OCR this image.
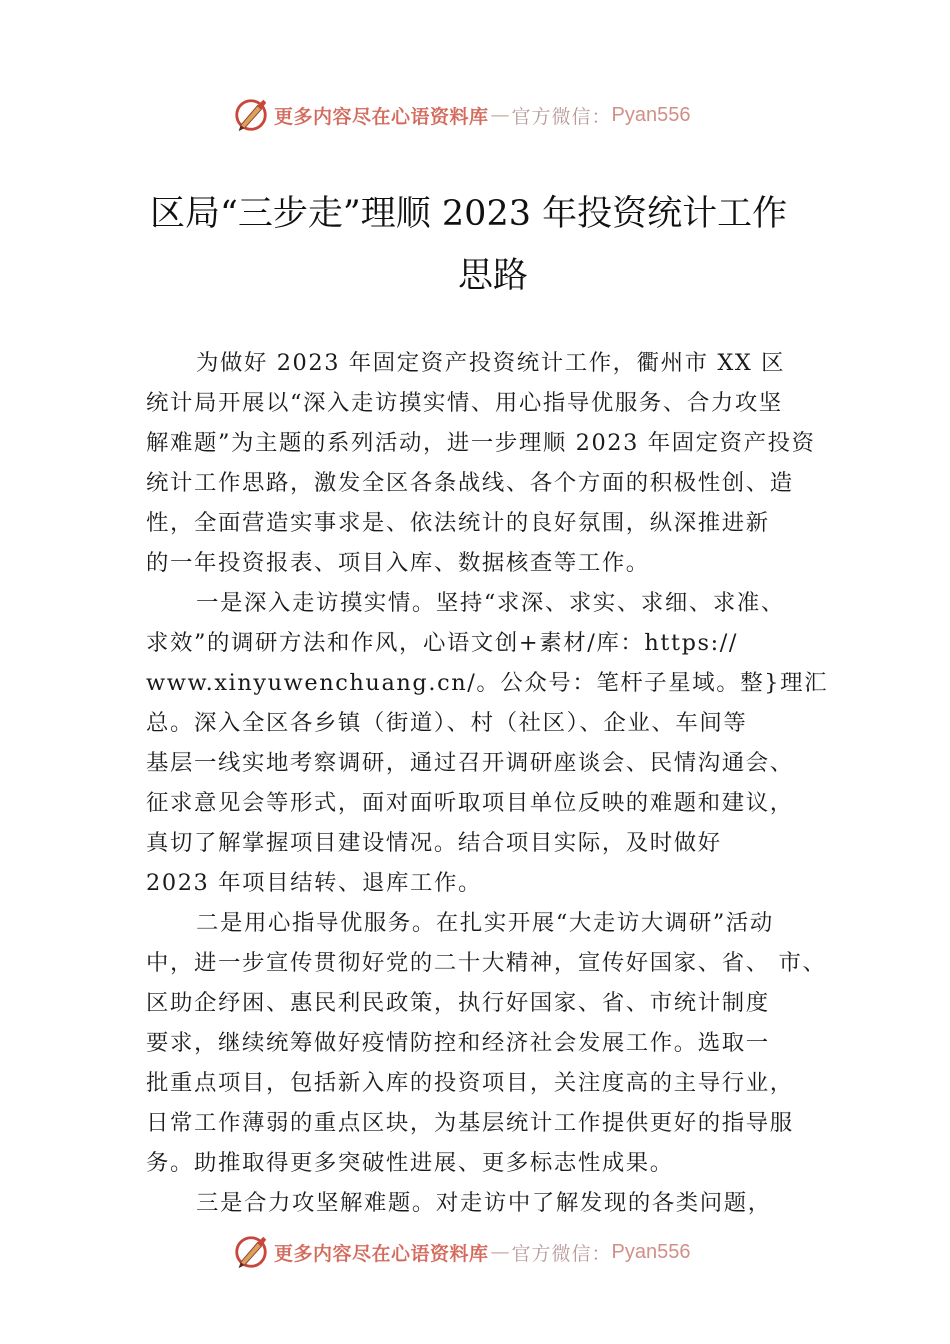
更多内容尽在心语资料库 — 官方微信： Pyan556
区局“三步走”理顺 2023 年投资统计工作
思路
为做好 2023 年固定资产投资统计工作，衢州市 XX 区
统计局开展以“深入走访摸实情、用心指导优服务、合力攻坚
解难题”为主题的系列活动，进一步理顺 2023 年固定资产投资
统计工作思路，激发全区各条战线、各个方面的积极性创、造
性，全面营造实事求是、依法统计的良好氛围，纵深推进新
的一年投资报表、项目入库、数据核查等工作。
一是深入走访摸实情。坚持“求深、求实、求细、求准、
求效”的调研方法和作风，心语文创+素材/库：https://
www.xinyuwenchuang.cn/。公众号：笔杆子星域。整}理汇
总。深入全区各乡镇（街道）、村（社区）、企业、车间等
基层一线实地考察调研，通过召开调研座谈会、民情沟通会、
征求意见会等形式，面对面听取项目单位反映的难题和建议，
真切了解掌握项目建设情况。结合项目实际，及时做好
2023 年项目结转、退库工作。
二是用心指导优服务。在扎实开展“大走访大调研”活动
中，进一步宣传贯彻好党的二十大精神，宣传好国家、省、 市、
区助企纾困、惠民利民政策，执行好国家、省、市统计制度
要求，继续统筹做好疫情防控和经济社会发展工作。选取一
批重点项目，包括新入库的投资项目，关注度高的主导行业，
日常工作薄弱的重点区块，为基层统计工作提供更好的指导服
务。助推取得更多突破性进展、更多标志性成果。
三是合力攻坚解难题。对走访中了解发现的各类问题，
更多内容尽在心语资料库 — 官方微信： Pyan556
